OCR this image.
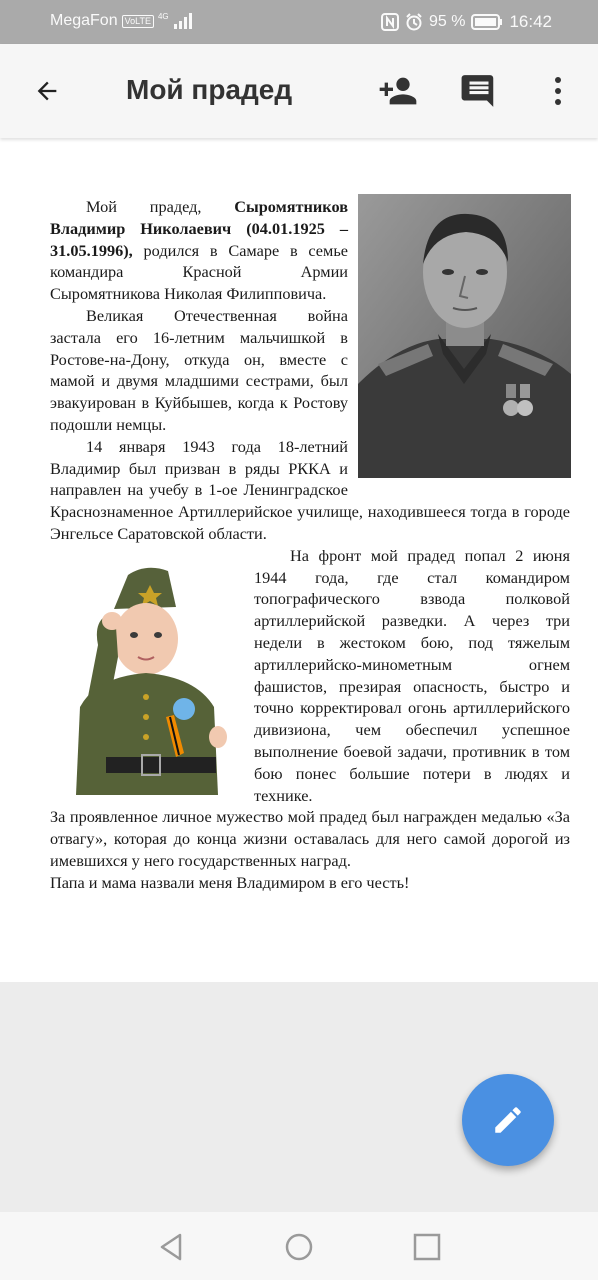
MegaFon VoLTE 4G	95 %	16:42
Мой прадед

Мой прадед, Сыромятников Владимир Николаевич (04.01.1925 – 31.05.1996), родился в Самаре в семье командира Красной Армии Сыромятникова Николая Филипповича.

Великая Отечественная война застала его 16-летним мальчишкой в Ростове-на-Дону, откуда он, вместе с мамой и двумя младшими сестрами, был эвакуирован в Куйбышев, когда к Ростову подошли немцы.

14 января 1943 года 18-летний Владимир был призван в ряды РККА и направлен на учебу в 1-ое Ленинградское Краснознаменное Артиллерийское училище, находившееся тогда в городе Энгельсе Саратовской области.

На фронт мой прадед попал 2 июня 1944 года, где стал командиром топографического взвода полковой артиллерийской разведки. А через три недели в жестоком бою, под тяжелым артиллерийско-минометным огнем фашистов, презирая опасность, быстро и точно корректировал огонь артиллерийского дивизиона, чем обеспечил успешное выполнение боевой задачи, противник в том бою понес большие потери в людях и технике.

За проявленное личное мужество мой прадед был награжден медалью «За отвагу», которая до конца жизни оставалась для него самой дорогой из имевшихся у него государственных наград.

Папа и мама назвали меня Владимиром в его честь!
